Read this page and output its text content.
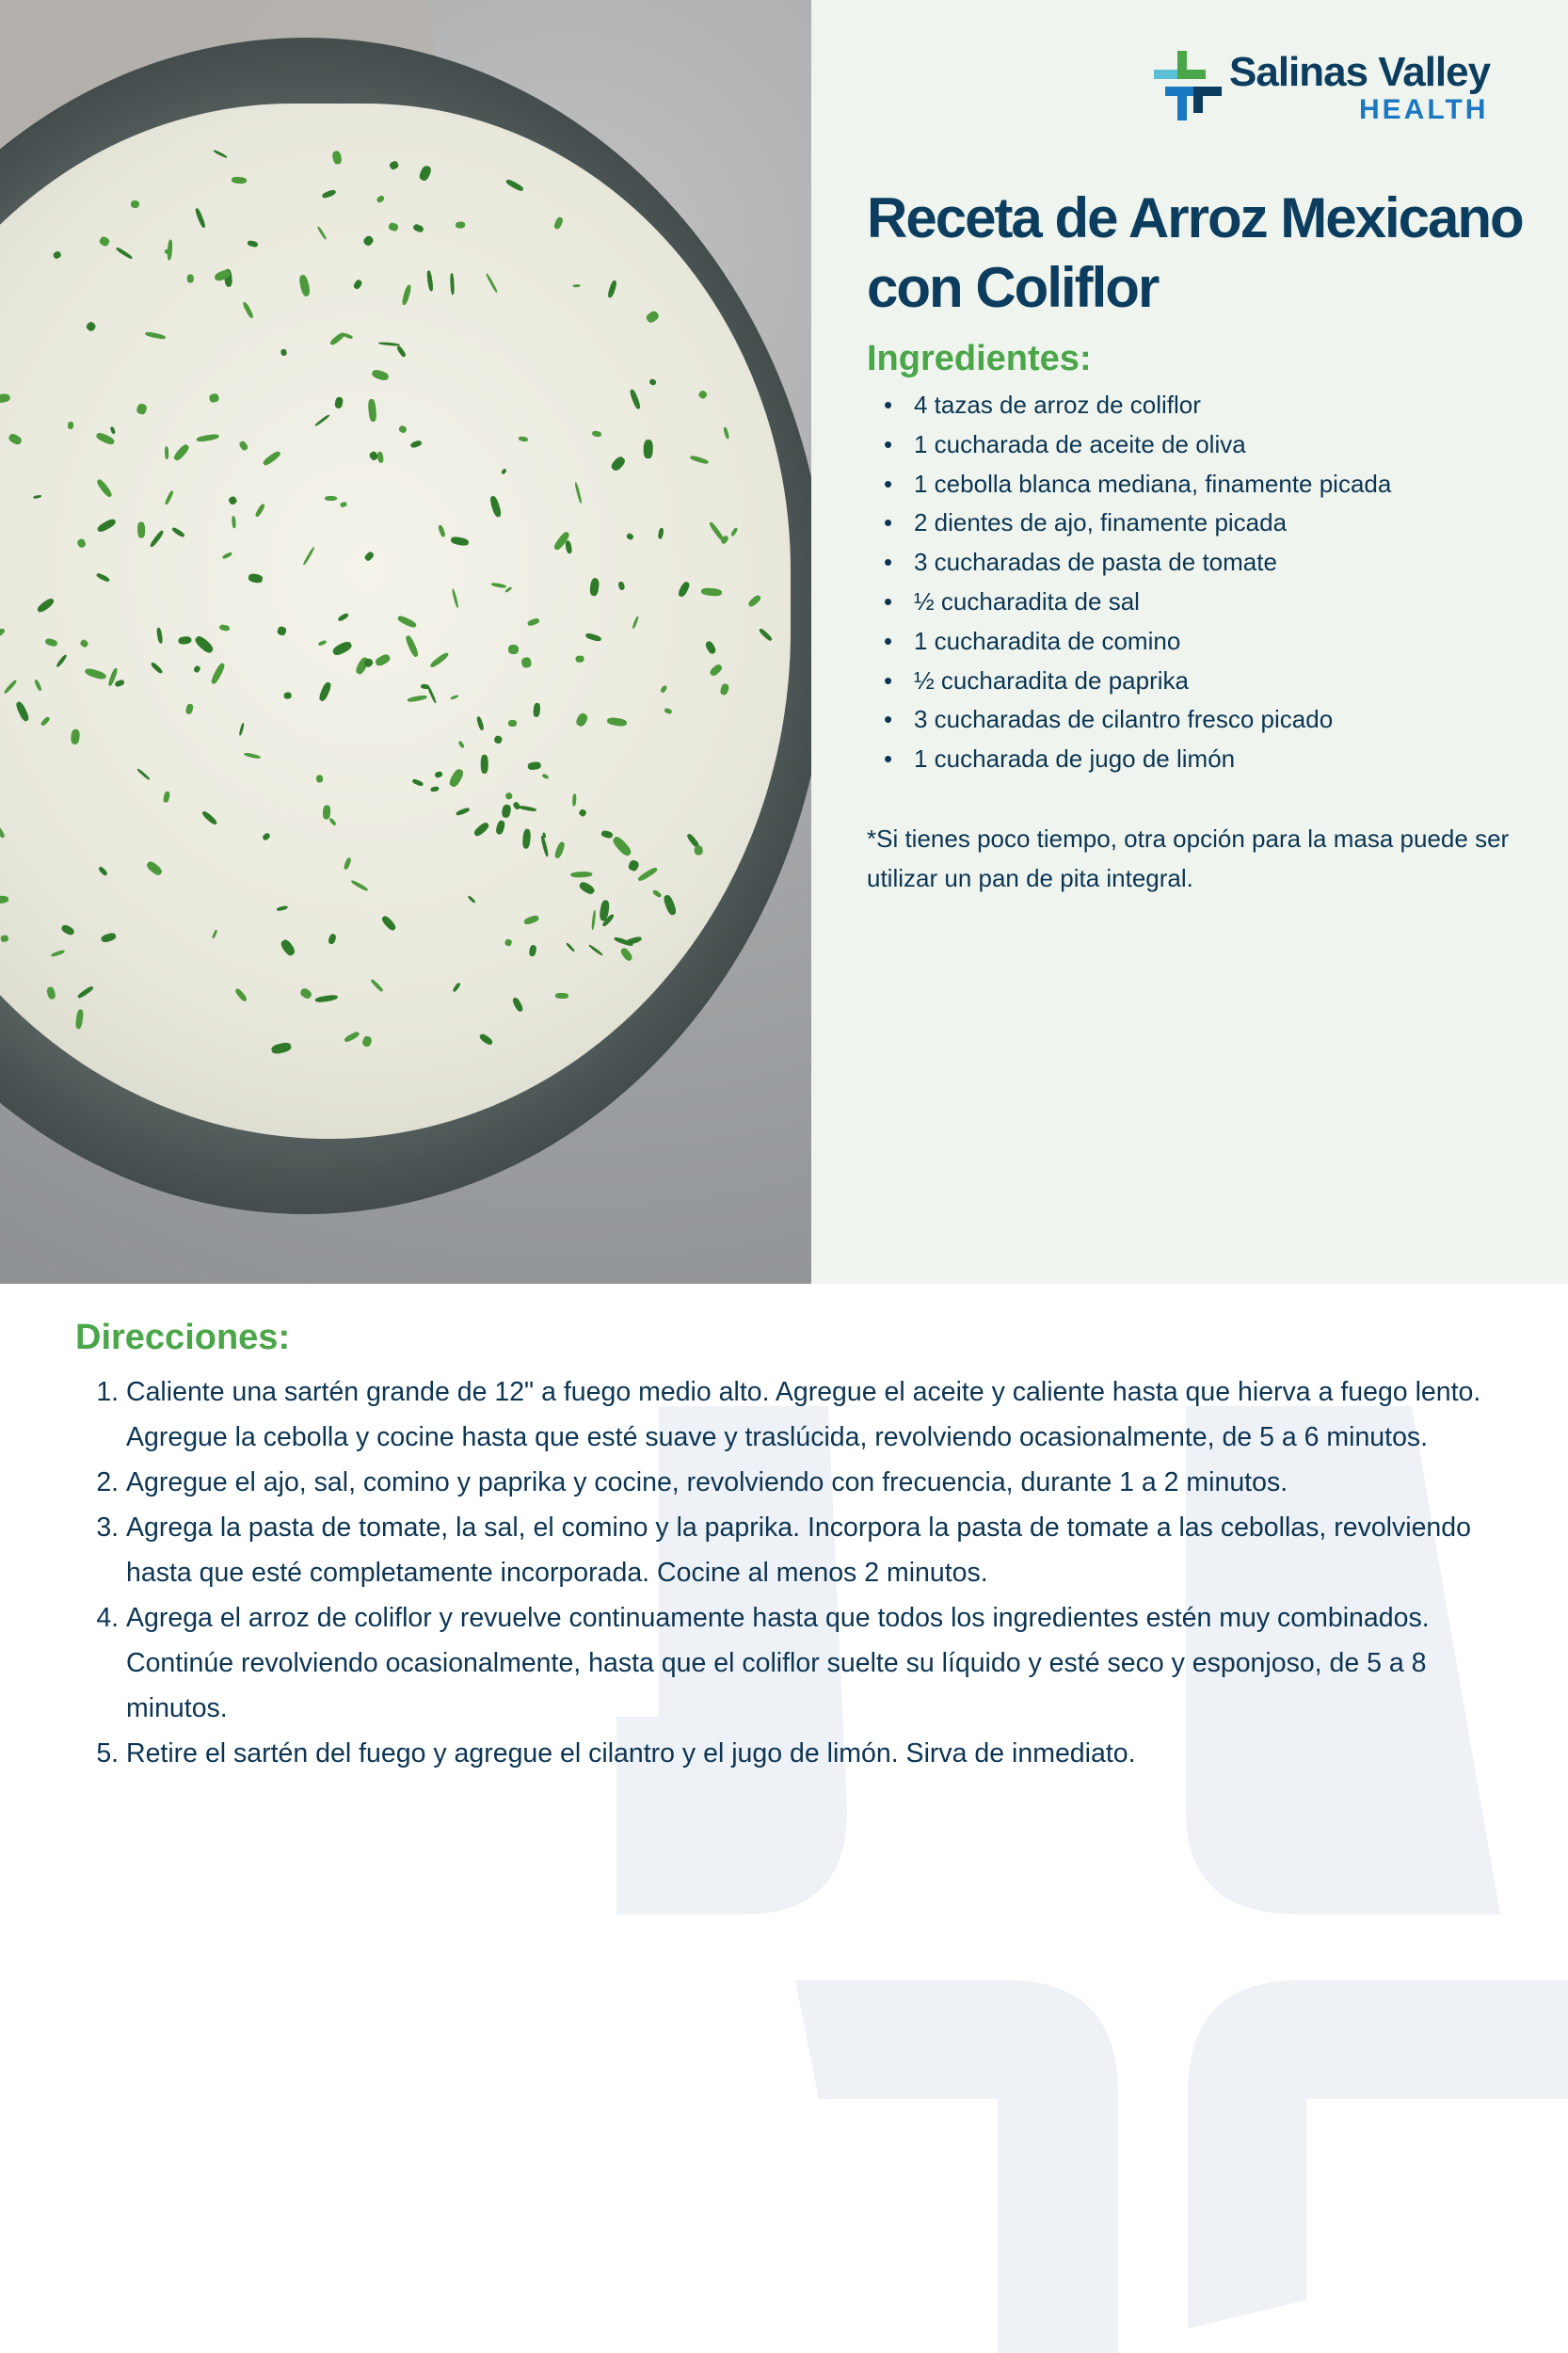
Salinas Valley
HEALTH
Receta de Arroz Mexicano con Coliflor
Ingredientes:
• 4 tazas de arroz de coliflor
• 1 cucharada de aceite de oliva
• 1 cebolla blanca mediana, finamente picada
• 2 dientes de ajo, finamente picada
• 3 cucharadas de pasta de tomate
• ½ cucharadita de sal
• 1 cucharadita de comino
• ½ cucharadita de paprika
• 3 cucharadas de cilantro fresco picado
• 1 cucharada de jugo de limón

*Si tienes poco tiempo, otra opción para la masa puede ser utilizar un pan de pita integral.

Direcciones:
1. Caliente una sartén grande de 12" a fuego medio alto. Agregue el aceite y caliente hasta que hierva a fuego lento. Agregue la cebolla y cocine hasta que esté suave y traslúcida, revolviendo ocasionalmente, de 5 a 6 minutos.
2. Agregue el ajo, sal, comino y paprika y cocine, revolviendo con frecuencia, durante 1 a 2 minutos.
3. Agrega la pasta de tomate, la sal, el comino y la paprika. Incorpora la pasta de tomate a las cebollas, revolviendo hasta que esté completamente incorporada. Cocine al menos 2 minutos.
4. Agrega el arroz de coliflor y revuelve continuamente hasta que todos los ingredientes estén muy combinados. Continúe revolviendo ocasionalmente, hasta que el coliflor suelte su líquido y esté seco y esponjoso, de 5 a 8 minutos.
5. Retire el sartén del fuego y agregue el cilantro y el jugo de limón. Sirva de inmediato.
